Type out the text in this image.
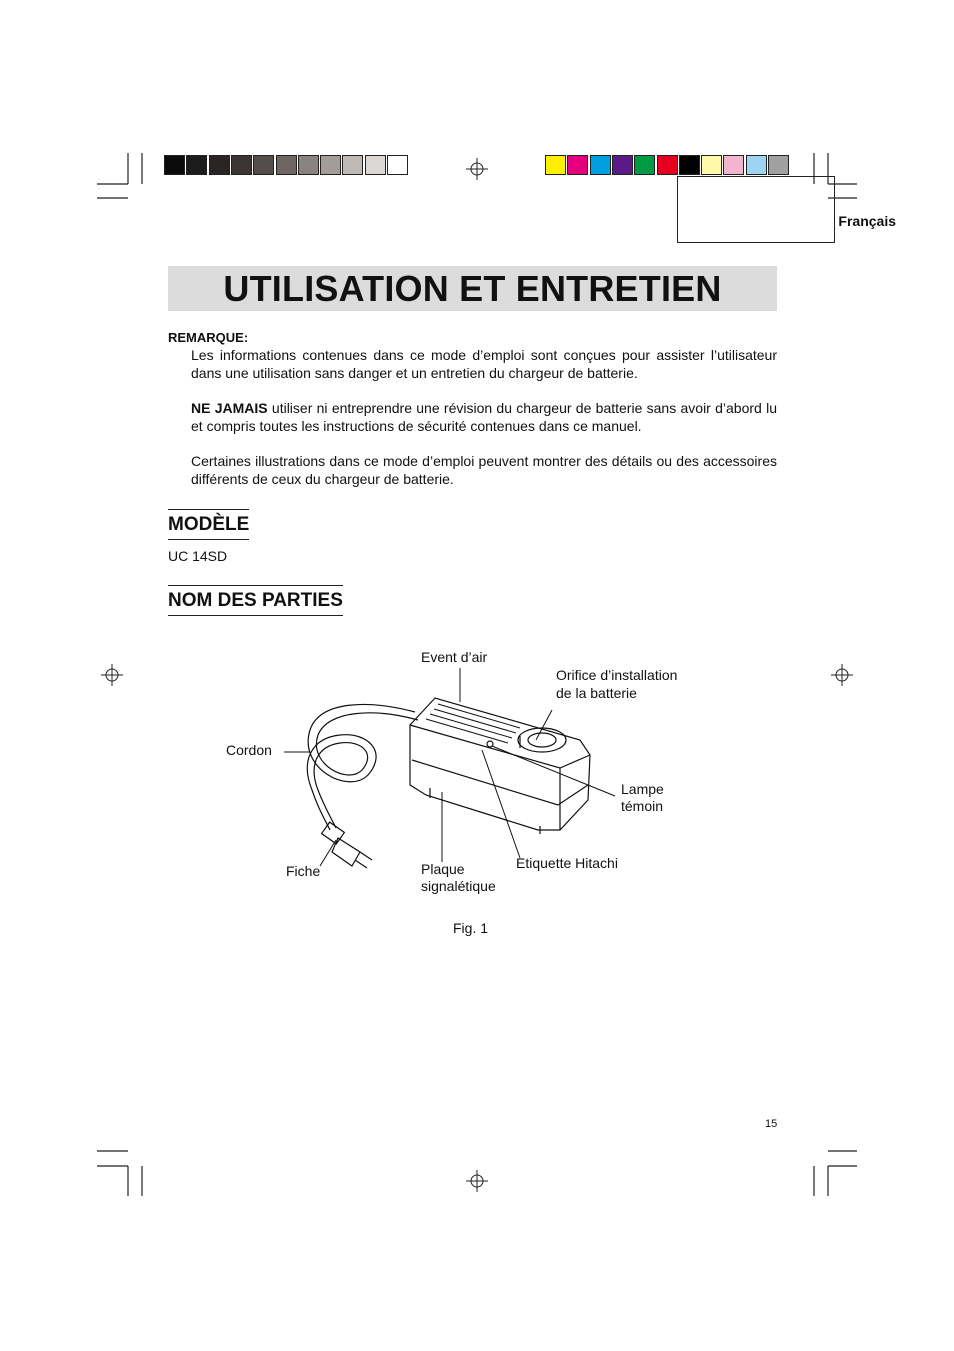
Français
UTILISATION ET ENTRETIEN
REMARQUE:
Les informations contenues dans ce mode d’emploi sont conçues pour assister l’utilisateur dans une utilisation sans danger et un entretien du chargeur de batterie.
NE JAMAIS utiliser ni entreprendre une révision du chargeur de batterie sans avoir d’abord lu et compris toutes les instructions de sécurité contenues dans ce manuel.
Certaines illustrations dans ce mode d’emploi peuvent montrer des détails ou des accessoires différents de ceux du chargeur de batterie.
MODÈLE
UC 14SD
NOM DES PARTIES
Event d’air
Orifice d’installation
de la batterie
Cordon
Lampe
témoin
Fiche	Plaque
signalétique
Etiquette Hitachi
Fig. 1
15
